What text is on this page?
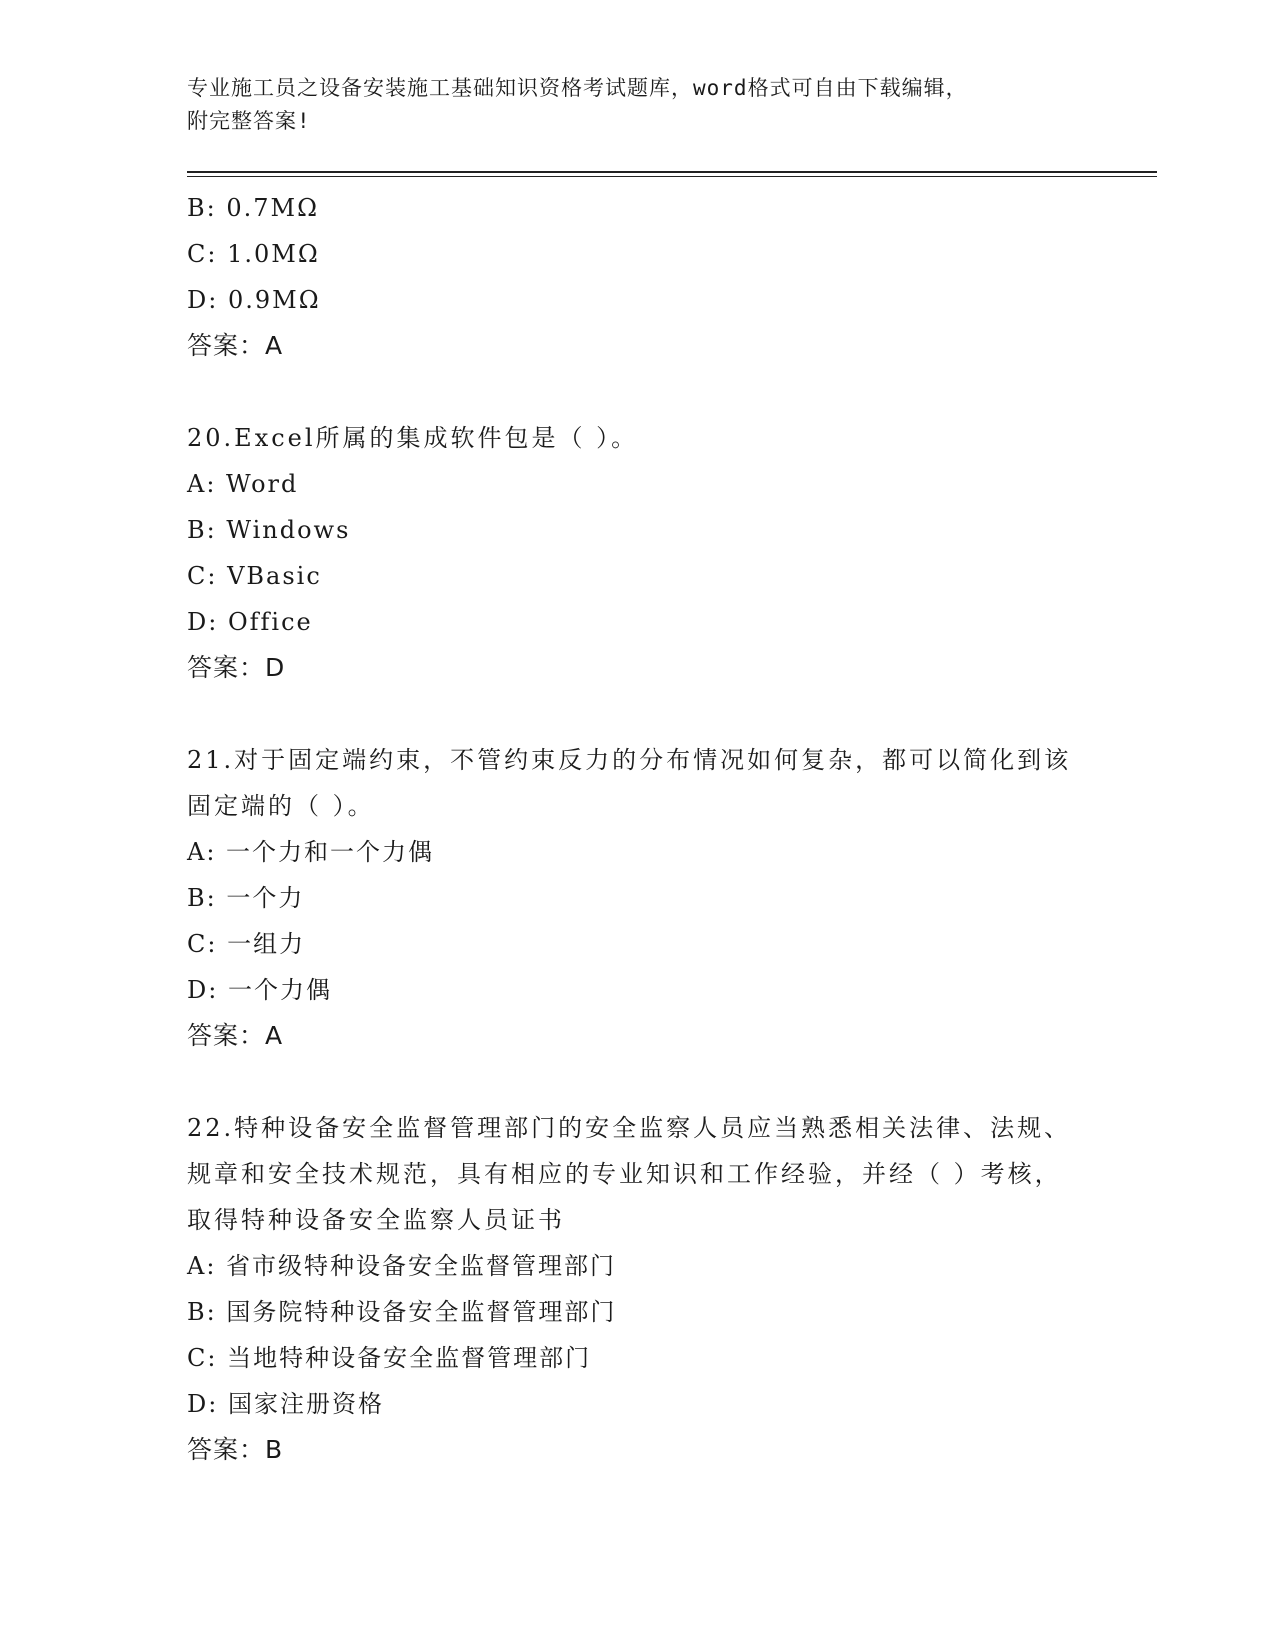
专业施工员之设备安装施工基础知识资格考试题库，word格式可自由下载编辑，
附完整答案!

B: 0.7MΩ
C: 1.0MΩ
D: 0.9MΩ
答案：A
20.Excel所属的集成软件包是（ ）。
A: Word
B: Windows
C: VBasic
D: Office
答案：D
21.对于固定端约束，不管约束反力的分布情况如何复杂，都可以简化到该固定端的（ ）。
A: 一个力和一个力偶
B: 一个力
C: 一组力
D: 一个力偶
答案：A
22.特种设备安全监督管理部门的安全监察人员应当熟悉相关法律、法规、规章和安全技术规范，具有相应的专业知识和工作经验，并经（ ）考核，取得特种设备安全监察人员证书
A: 省市级特种设备安全监督管理部门
B: 国务院特种设备安全监督管理部门
C: 当地特种设备安全监督管理部门
D: 国家注册资格
答案：B
